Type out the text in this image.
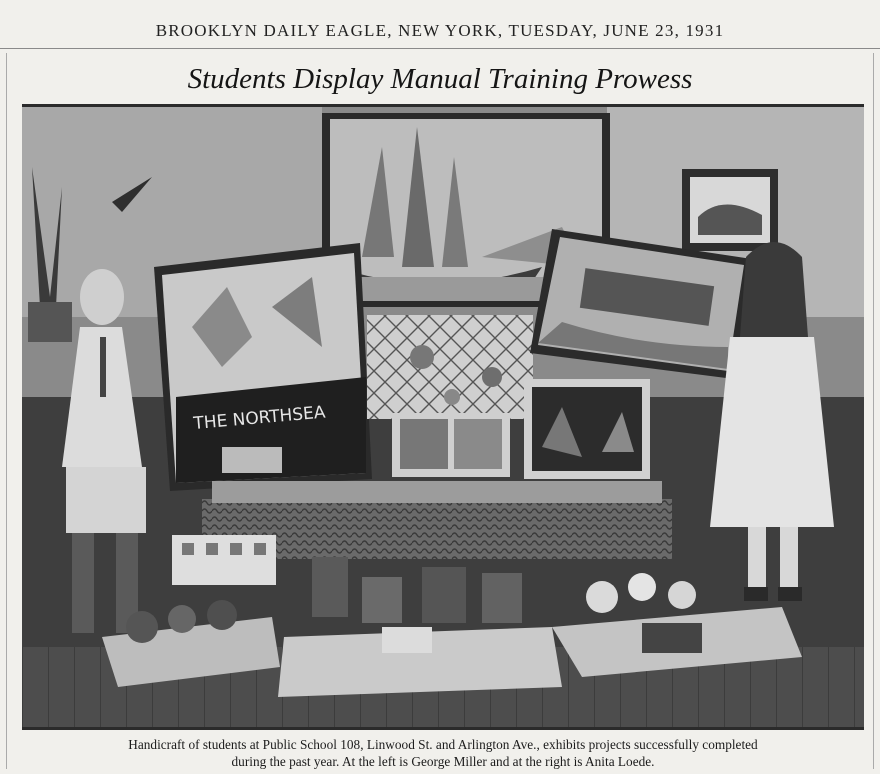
BROOKLYN DAILY EAGLE, NEW YORK, TUESDAY, JUNE 23, 1931
Students Display Manual Training Prowess
THE NORTHSEA
Handicraft of students at Public School 108, Linwood St. and Arlington Ave., exhibits projects successfully completed
during the past year. At the left is George Miller and at the right is Anita Loede.
